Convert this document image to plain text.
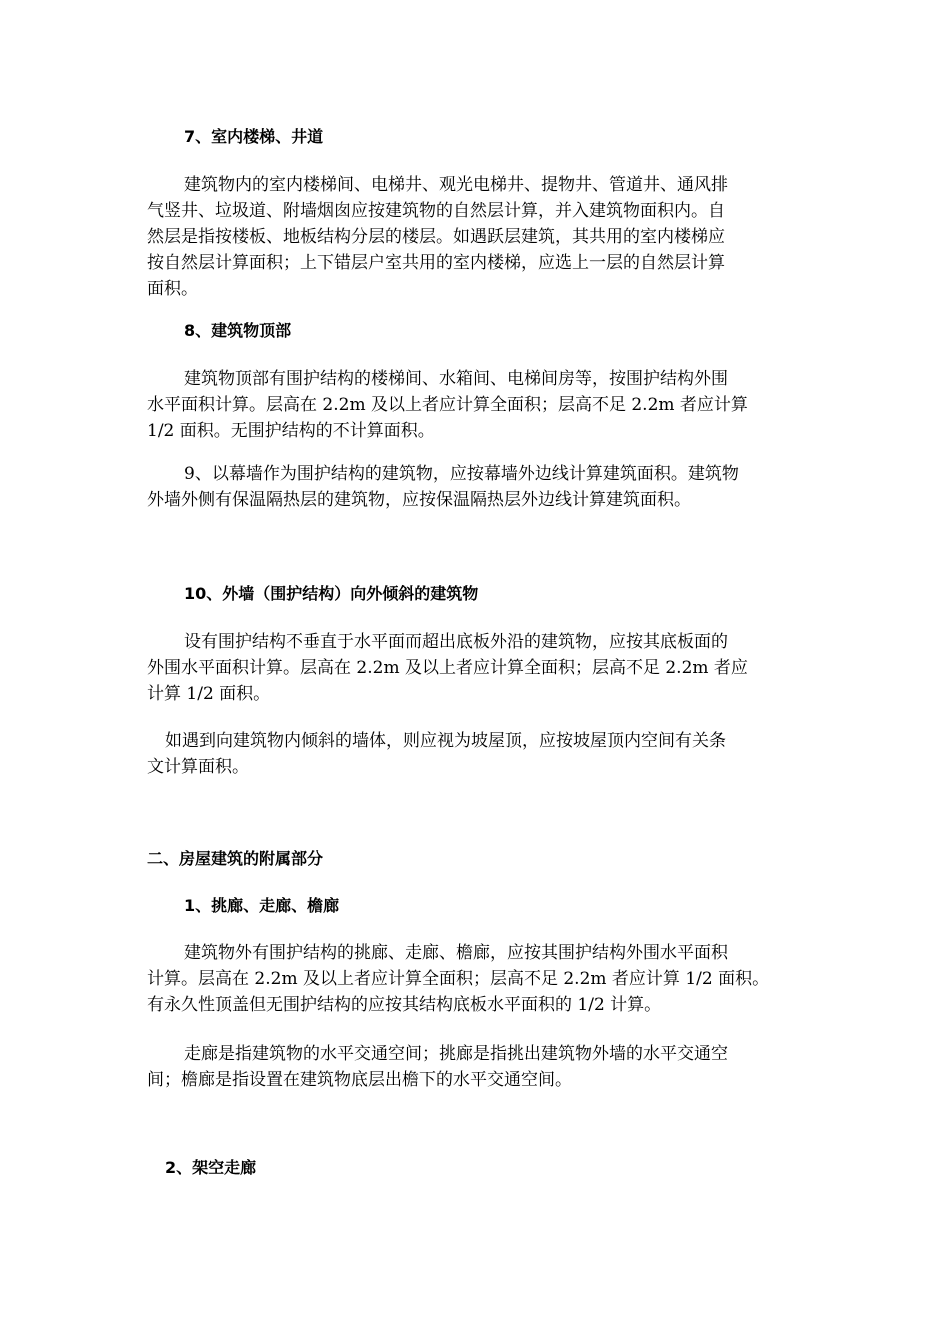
7、室内楼梯、井道
建筑物内的室内楼梯间、电梯井、观光电梯井、提物井、管道井、通风排
气竖井、垃圾道、附墙烟囱应按建筑物的自然层计算，并入建筑物面积内。自
然层是指按楼板、地板结构分层的楼层。如遇跃层建筑，其共用的室内楼梯应
按自然层计算面积；上下错层户室共用的室内楼梯，应选上一层的自然层计算
面积。
8、建筑物顶部
建筑物顶部有围护结构的楼梯间、水箱间、电梯间房等，按围护结构外围
水平面积计算。层高在 2.2m 及以上者应计算全面积；层高不足 2.2m 者应计算
1/2 面积。无围护结构的不计算面积。
9、以幕墙作为围护结构的建筑物，应按幕墙外边线计算建筑面积。建筑物
外墙外侧有保温隔热层的建筑物，应按保温隔热层外边线计算建筑面积。
10、外墙（围护结构）向外倾斜的建筑物
设有围护结构不垂直于水平面而超出底板外沿的建筑物，应按其底板面的
外围水平面积计算。层高在 2.2m 及以上者应计算全面积；层高不足 2.2m 者应
计算 1/2 面积。
如遇到向建筑物内倾斜的墙体，则应视为坡屋顶，应按坡屋顶内空间有关条
文计算面积。
二、房屋建筑的附属部分
1、挑廊、走廊、檐廊
建筑物外有围护结构的挑廊、走廊、檐廊，应按其围护结构外围水平面积
计算。层高在 2.2m 及以上者应计算全面积；层高不足 2.2m 者应计算 1/2 面积。
有永久性顶盖但无围护结构的应按其结构底板水平面积的 1/2 计算。
走廊是指建筑物的水平交通空间；挑廊是指挑出建筑物外墙的水平交通空
间；檐廊是指设置在建筑物底层出檐下的水平交通空间。
2、架空走廊
